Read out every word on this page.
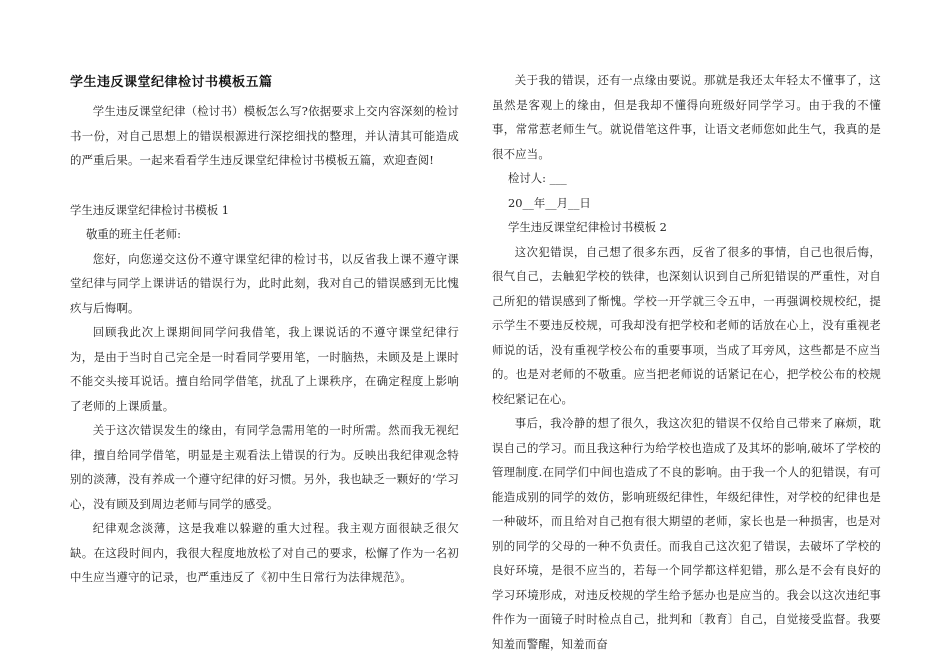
学生违反课堂纪律检讨书模板五篇

学生违反课堂纪律（检讨书）模板怎么写?依据要求上交内容深刻的检讨书一份，对自己思想上的错误根源进行深挖细找的整理，并认清其可能造成的严重后果。一起来看看学生违反课堂纪律检讨书模板五篇，欢迎查阅!

学生违反课堂纪律检讨书模板 1

敬重的班主任老师:

您好，向您递交这份不遵守课堂纪律的检讨书，以反省我上课不遵守课堂纪律与同学上课讲话的错误行为，此时此刻，我对自己的错误感到无比愧疚与后悔啊。

回顾我此次上课期间同学问我借笔，我上课说话的不遵守课堂纪律行为，是由于当时自己完全是一时看同学要用笔，一时脑热，未顾及是上课时不能交头接耳说话。擅自给同学借笔，扰乱了上课秩序，在确定程度上影响了老师的上课质量。

关于这次错误发生的缘由，有同学急需用笔的一时所需。然而我无视纪律，擅自给同学借笔，明显是主观看法上错误的行为。反映出我纪律观念特别的淡薄，没有养成一个遵守纪律的好习惯。另外，我也缺乏一颗好的‘学习心，没有顾及到周边老师与同学的感受。

纪律观念淡薄，这是我难以躲避的重大过程。我主观方面很缺乏很欠缺。在这段时间内，我很大程度地放松了对自己的要求，松懈了作为一名初中生应当遵守的记录，也严重违反了《初中生日常行为法律规范》。

关于我的错误，还有一点缘由要说。那就是我还太年轻太不懂事了，这虽然是客观上的缘由，但是我却不懂得向班级好同学学习。由于我的不懂事，常常惹老师生气。就说借笔这件事，让语文老师您如此生气，我真的是很不应当。

检讨人: ___

20__年__月__日

学生违反课堂纪律检讨书模板 2

这次犯错误，自己想了很多东西，反省了很多的事情，自己也很后悔，很气自己，去触犯学校的铁律，也深刻认识到自己所犯错误的严重性，对自己所犯的错误感到了惭愧。学校一开学就三令五申，一再强调校规校纪，提示学生不要违反校规，可我却没有把学校和老师的话放在心上，没有重视老师说的话，没有重视学校公布的重要事项，当成了耳旁风，这些都是不应当的。也是对老师的不敬重。应当把老师说的话紧记在心，把学校公布的校规校纪紧记在心。

事后，我冷静的想了很久，我这次犯的错误不仅给自己带来了麻烦，耽误自己的学习。而且我这种行为给学校也造成了及其坏的影响,破坏了学校的管理制度.在同学们中间也造成了不良的影响。由于我一个人的犯错误，有可能造成别的同学的效仿，影响班级纪律性，年级纪律性，对学校的纪律也是一种破坏，而且给对自己抱有很大期望的老师，家长也是一种损害，也是对别的同学的父母的一种不负责任。而我自己这次犯了错误，去破坏了学校的良好环境，是很不应当的，若每一个同学都这样犯错，那么是不会有良好的学习环境形成，对违反校规的学生给予惩办也是应当的。我会以这次违纪事件作为一面镜子时时检点自己，批判和〔教育〕自己，自觉接受监督。我要知羞而警醒，知羞而奋
